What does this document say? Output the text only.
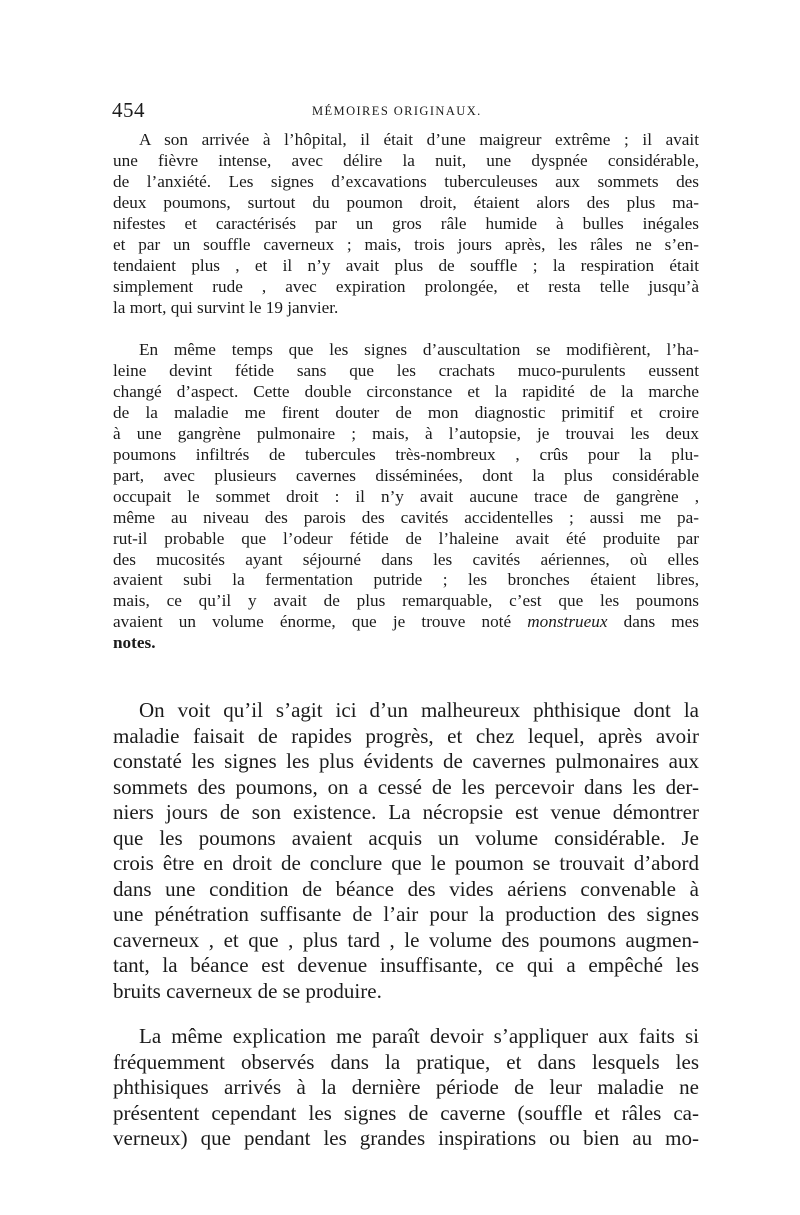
454	MÉMOIRES ORIGINAUX.
A son arrivée à l’hôpital, il était d’une maigreur extrême ; il avait
une fièvre intense, avec délire la nuit, une dyspnée considérable,
de l’anxiété. Les signes d’excavations tuberculeuses aux sommets des
deux poumons, surtout du poumon droit, étaient alors des plus ma-
nifestes et caractérisés par un gros râle humide à bulles inégales
et par un souffle caverneux ; mais, trois jours après, les râles ne s’en-
tendaient plus , et il n’y avait plus de souffle ; la respiration était
simplement rude , avec expiration prolongée, et resta telle jusqu’à
la mort, qui survint le 19 janvier.
En même temps que les signes d’auscultation se modifièrent, l’ha-
leine devint fétide sans que les crachats muco-purulents eussent
changé d’aspect. Cette double circonstance et la rapidité de la marche
de la maladie me firent douter de mon diagnostic primitif et croire
à une gangrène pulmonaire ; mais, à l’autopsie, je trouvai les deux
poumons infiltrés de tubercules très-nombreux , crûs pour la plu-
part, avec plusieurs cavernes disséminées, dont la plus considérable
occupait le sommet droit : il n’y avait aucune trace de gangrène ,
même au niveau des parois des cavités accidentelles ; aussi me pa-
rut-il probable que l’odeur fétide de l’haleine avait été produite par
des mucosités ayant séjourné dans les cavités aériennes, où elles
avaient subi la fermentation putride ; les bronches étaient libres,
mais, ce qu’il y avait de plus remarquable, c’est que les poumons
avaient un volume énorme, que je trouve noté monstrueux dans mes
notes.
On voit qu’il s’agit ici d’un malheureux phthisique dont la
maladie faisait de rapides progrès, et chez lequel, après avoir
constaté les signes les plus évidents de cavernes pulmonaires aux
sommets des poumons, on a cessé de les percevoir dans les der-
niers jours de son existence. La nécropsie est venue démontrer
que les poumons avaient acquis un volume considérable. Je
crois être en droit de conclure que le poumon se trouvait d’abord
dans une condition de béance des vides aériens convenable à
une pénétration suffisante de l’air pour la production des signes
caverneux , et que , plus tard , le volume des poumons augmen-
tant, la béance est devenue insuffisante, ce qui a empêché les
bruits caverneux de se produire.
La même explication me paraît devoir s’appliquer aux faits si
fréquemment observés dans la pratique, et dans lesquels les
phthisiques arrivés à la dernière période de leur maladie ne
présentent cependant les signes de caverne (souffle et râles ca-
verneux) que pendant les grandes inspirations ou bien au mo-
